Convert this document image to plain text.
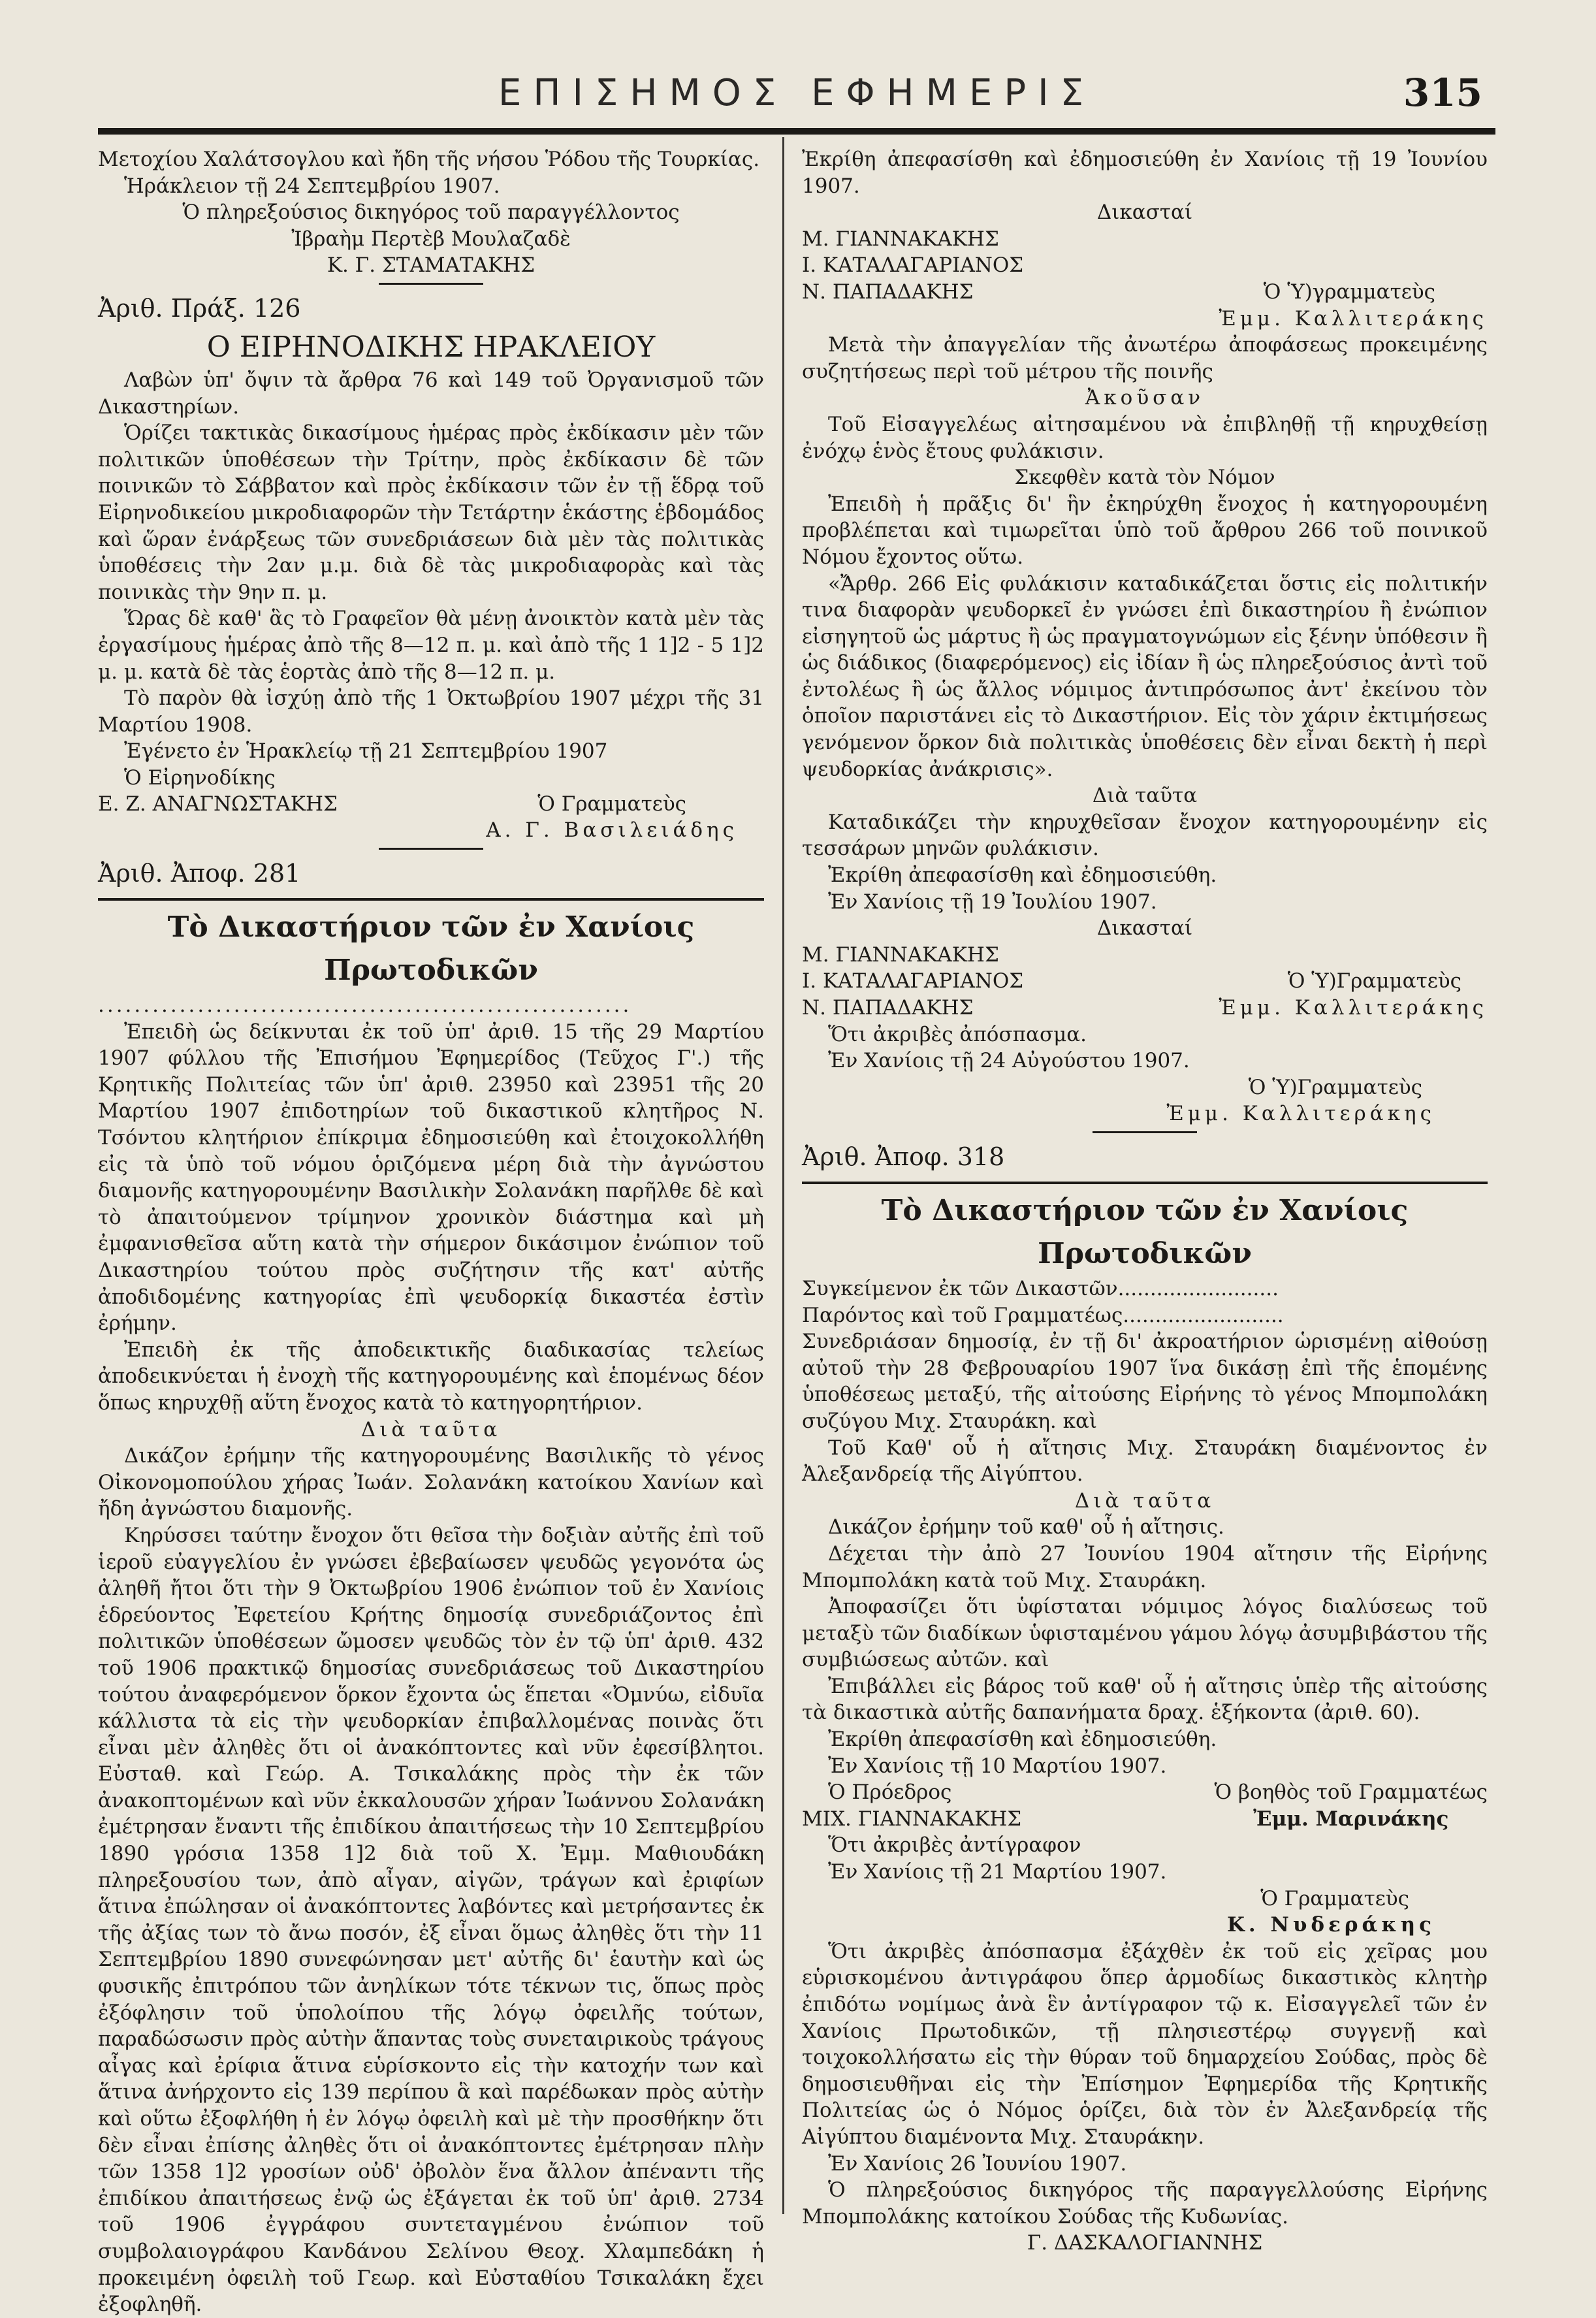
ΕΠΙΣΗΜΟΣ ΕΦΗΜΕΡΙΣ	315

Μετοχίου Χαλάτσογλου καὶ ἤδη τῆς νήσου Ῥόδου τῆς Τουρκίας.

Ἡράκλειον τῇ 24 Σεπτεμβρίου 1907.

Ὁ πληρεξούσιος δικηγόρος τοῦ παραγγέλλοντος

Ἰβραὴμ Περτὲβ Μουλαζαδὲ

Κ. Γ. ΣΤΑΜΑΤΑΚΗΣ

Ἀριθ. Πράξ. 126

Ο ΕΙΡΗΝΟΔΙΚΗΣ ΗΡΑΚΛΕΙΟΥ

Λαβὼν ὑπ' ὄψιν τὰ ἄρθρα 76 καὶ 149 τοῦ Ὀργανισμοῦ τῶν Δικαστηρίων.

Ὁρίζει τακτικὰς δικασίμους ἡμέρας πρὸς ἐκδίκασιν μὲν τῶν πολιτικῶν ὑποθέσεων τὴν Τρίτην, πρὸς ἐκδίκασιν δὲ τῶν ποινικῶν τὸ Σάββατον καὶ πρὸς ἐκδίκασιν τῶν ἐν τῇ ἕδρᾳ τοῦ Εἰρηνοδικείου μικροδιαφορῶν τὴν Τετάρτην ἑκάστης ἑβδομάδος καὶ ὥραν ἐνάρξεως τῶν συνεδριάσεων διὰ μὲν τὰς πολιτικὰς ὑποθέσεις τὴν 2αν μ.μ. διὰ δὲ τὰς μικροδιαφορὰς καὶ τὰς ποινικὰς τὴν 9ην π. μ.

Ὥρας δὲ καθ' ἃς τὸ Γραφεῖον θὰ μένῃ ἀνοικτὸν κατὰ μὲν τὰς ἐργασίμους ἡμέρας ἀπὸ τῆς 8—12 π. μ. καὶ ἀπὸ τῆς 1 1]2 - 5 1]2 μ. μ. κατὰ δὲ τὰς ἑορτὰς ἀπὸ τῆς 8—12 π. μ.

Τὸ παρὸν θὰ ἰσχύῃ ἀπὸ τῆς 1 Ὀκτωβρίου 1907 μέχρι τῆς 31 Μαρτίου 1908.

Ἐγένετο ἐν Ἡρακλείῳ τῇ 21 Σεπτεμβρίου 1907

Ὁ Εἰρηνοδίκης
Ε. Ζ. ΑΝΑΓΝΩΣΤΑΚΗΣ	Ὁ Γραμματεὺς
Α. Γ. Βασιλειάδης

Ἀριθ. Ἀποφ. 281

Τὸ Δικαστήριον τῶν ἐν Χανίοις Πρωτοδικῶν

...........................................................

Ἐπειδὴ ὡς δείκνυται ἐκ τοῦ ὑπ' ἀριθ. 15 τῆς 29 Μαρτίου 1907 φύλλου τῆς Ἐπισήμου Ἐφημερίδος (Τεῦχος Γ'.) τῆς Κρητικῆς Πολιτείας τῶν ὑπ' ἀριθ. 23950 καὶ 23951 τῆς 20 Μαρτίου 1907 ἐπιδοτηρίων τοῦ δικαστικοῦ κλητῆρος Ν. Τσόντου κλητήριον ἐπίκριμα ἐδημοσιεύθη καὶ ἐτοιχοκολλήθη εἰς τὰ ὑπὸ τοῦ νόμου ὁριζόμενα μέρη διὰ τὴν ἀγνώστου διαμονῆς κατηγορουμένην Βασιλικὴν Σολανάκη παρῆλθε δὲ καὶ τὸ ἀπαιτούμενον τρίμηνον χρονικὸν διάστημα καὶ μὴ ἐμφανισθεῖσα αὕτη κατὰ τὴν σήμερον δικάσιμον ἐνώπιον τοῦ Δικαστηρίου τούτου πρὸς συζήτησιν τῆς κατ' αὐτῆς ἀποδιδομένης κατηγορίας ἐπὶ ψευδορκίᾳ δικαστέα ἐστὶν ἐρήμην.

Ἐπειδὴ ἐκ τῆς ἀποδεικτικῆς διαδικασίας τελείως ἀποδεικνύεται ἡ ἐνοχὴ τῆς κατηγορουμένης καὶ ἑπομένως δέον ὅπως κηρυχθῇ αὕτη ἔνοχος κατὰ τὸ κατηγορητήριον.

Διὰ ταῦτα

Δικάζον ἐρήμην τῆς κατηγορουμένης Βασιλικῆς τὸ γένος Οἰκονομοπούλου χήρας Ἰωάν. Σολανάκη κατοίκου Χανίων καὶ ἤδη ἀγνώστου διαμονῆς.

Κηρύσσει ταύτην ἔνοχον ὅτι θεῖσα τὴν δοξιὰν αὐτῆς ἐπὶ τοῦ ἱεροῦ εὐαγγελίου ἐν γνώσει ἐβεβαίωσεν ψευδῶς γεγονότα ὡς ἀληθῆ ἤτοι ὅτι τὴν 9 Ὀκτωβρίου 1906 ἐνώπιον τοῦ ἐν Χανίοις ἑδρεύοντος Ἐφετείου Κρήτης δημοσίᾳ συνεδριάζοντος ἐπὶ πολιτικῶν ὑποθέσεων ὤμοσεν ψευδῶς τὸν ἐν τῷ ὑπ' ἀριθ. 432 τοῦ 1906 πρακτικῷ δημοσίας συνεδριάσεως τοῦ Δικαστηρίου τούτου ἀναφερόμενον ὅρκον ἔχοντα ὡς ἕπεται «Ὀμνύω, εἰδυῖα κάλλιστα τὰ εἰς τὴν ψευδορκίαν ἐπιβαλλομένας ποινὰς ὅτι εἶναι μὲν ἀληθὲς ὅτι οἱ ἀνακόπτοντες καὶ νῦν ἐφεσίβλητοι. Εὐσταθ. καὶ Γεώρ. Α. Τσικαλάκης πρὸς τὴν ἐκ τῶν ἀνακοπτομένων καὶ νῦν ἐκκαλουσῶν χήραν Ἰωάννου Σολανάκη ἐμέτρησαν ἔναντι τῆς ἐπιδίκου ἀπαιτήσεως τὴν 10 Σεπτεμβρίου 1890 γρόσια 1358 1]2 διὰ τοῦ Χ. Ἐμμ. Μαθιουδάκη πληρεξουσίου των, ἀπὸ αἶγαν, αἰγῶν, τράγων καὶ ἐριφίων ἅτινα ἐπώλησαν οἱ ἀνακόπτοντες λαβόντες καὶ μετρήσαντες ἐκ τῆς ἀξίας των τὸ ἄνω ποσόν, ἐξ εἶναι ὅμως ἀληθὲς ὅτι τὴν 11 Σεπτεμβρίου 1890 συνεφώνησαν μετ' αὐτῆς δι' ἑαυτὴν καὶ ὡς φυσικῆς ἐπιτρόπου τῶν ἀνηλίκων τότε τέκνων τις, ὅπως πρὸς ἐξόφλησιν τοῦ ὑπολοίπου τῆς λόγῳ ὀφειλῆς τούτων, παραδώσωσιν πρὸς αὐτὴν ἅπαντας τοὺς συνεταιρικοὺς τράγους αἶγας καὶ ἐρίφια ἅτινα εὑρίσκοντο εἰς τὴν κατοχήν των καὶ ἅτινα ἀνήρχοντο εἰς 139 περίπου ἃ καὶ παρέδωκαν πρὸς αὐτὴν καὶ οὕτω ἐξοφλήθη ἡ ἐν λόγῳ ὀφειλὴ καὶ μὲ τὴν προσθήκην ὅτι δὲν εἶναι ἐπίσης ἀληθὲς ὅτι οἱ ἀνακόπτοντες ἐμέτρησαν πλὴν τῶν 1358 1]2 γροσίων οὐδ' ὀβολὸν ἕνα ἄλλον ἀπέναντι τῆς ἐπιδίκου ἀπαιτήσεως ἐνῷ ὡς ἐξάγεται ἐκ τοῦ ὑπ' ἀριθ. 2734 τοῦ 1906 ἐγγράφου συντεταγμένου ἐνώπιον τοῦ συμβολαιογράφου Κανδάνου Σελίνου Θεοχ. Χλαμπεδάκη ἡ προκειμένη ὀφειλὴ τοῦ Γεωρ. καὶ Εὐσταθίου Τσικαλάκη ἔχει ἐξοφληθῆ.

Ἐκρίθη ἀπεφασίσθη καὶ ἐδημοσιεύθη ἐν Χανίοις τῇ 19 Ἰουνίου 1907.

Δικασταί

Μ. ΓΙΑΝΝΑΚΑΚΗΣ

Ι. ΚΑΤΑΛΑΓΑΡΙΑΝΟΣ

Ν. ΠΑΠΑΔΑΚΗΣ	Ὁ Ὑ)γραμματεὺς

Ἐμμ. Καλλιτεράκης

Μετὰ τὴν ἀπαγγελίαν τῆς ἀνωτέρω ἀποφάσεως προκειμένης συζητήσεως περὶ τοῦ μέτρου τῆς ποινῆς

Ἀκοῦσαν

Τοῦ Εἰσαγγελέως αἰτησαμένου νὰ ἐπιβληθῇ τῇ κηρυχθείσῃ ἐνόχῳ ἑνὸς ἔτους φυλάκισιν.

Σκεφθὲν κατὰ τὸν Νόμον

Ἐπειδὴ ἡ πρᾶξις δι' ἣν ἐκηρύχθη ἔνοχος ἡ κατηγορουμένη προβλέπεται καὶ τιμωρεῖται ὑπὸ τοῦ ἄρθρου 266 τοῦ ποινικοῦ Νόμου ἔχοντος οὕτω.

«Ἄρθρ. 266 Εἰς φυλάκισιν καταδικάζεται ὅστις εἰς πολιτικήν τινα διαφορὰν ψευδορκεῖ ἐν γνώσει ἐπὶ δικαστηρίου ἢ ἐνώπιον εἰσηγητοῦ ὡς μάρτυς ἢ ὡς πραγματογνώμων εἰς ξένην ὑπόθεσιν ἢ ὡς διάδικος (διαφερόμενος) εἰς ἰδίαν ἢ ὡς πληρεξούσιος ἀντὶ τοῦ ἐντολέως ἢ ὡς ἄλλος νόμιμος ἀντιπρόσωπος ἀντ' ἐκείνου τὸν ὁποῖον παριστάνει εἰς τὸ Δικαστήριον. Εἰς τὸν χάριν ἐκτιμήσεως γενόμενον ὅρκον διὰ πολιτικὰς ὑποθέσεις δὲν εἶναι δεκτὴ ἡ περὶ ψευδορκίας ἀνάκρισις».

Διὰ ταῦτα

Καταδικάζει τὴν κηρυχθεῖσαν ἔνοχον κατηγορουμένην εἰς τεσσάρων μηνῶν φυλάκισιν.

Ἐκρίθη ἀπεφασίσθη καὶ ἐδημοσιεύθη.

Ἐν Χανίοις τῇ 19 Ἰουλίου 1907.

Δικασταί

Μ. ΓΙΑΝΝΑΚΑΚΗΣ

Ι. ΚΑΤΑΛΑΓΑΡΙΑΝΟΣ	Ὁ Ὑ)Γραμματεὺς
Ν. ΠΑΠΑΔΑΚΗΣ	Ἐμμ. Καλλιτεράκης

Ὅτι ἀκριβὲς ἀπόσπασμα.

Ἐν Χανίοις τῇ 24 Αὐγούστου 1907.

Ὁ Ὑ)Γραμματεὺς

Ἐμμ. Καλλιτεράκης

Ἀριθ. Ἀποφ. 318

Τὸ Δικαστήριον τῶν ἐν Χανίοις Πρωτοδικῶν

Συγκείμενον ἐκ τῶν Δικαστῶν.........................

Παρόντος καὶ τοῦ Γραμματέως.........................

Συνεδριάσαν δημοσίᾳ, ἐν τῇ δι' ἀκροατήριον ὡρισμένῃ αἰθούσῃ αὐτοῦ τὴν 28 Φεβρουαρίου 1907 ἵνα δικάσῃ ἐπὶ τῆς ἑπομένης ὑποθέσεως μεταξύ, τῆς αἰτούσης Εἰρήνης τὸ γένος Μπομπολάκη συζύγου Μιχ. Σταυράκη. καὶ

Τοῦ Καθ' οὗ ἡ αἴτησις Μιχ. Σταυράκη διαμένοντος ἐν Ἀλεξανδρείᾳ τῆς Αἰγύπτου.

Διὰ ταῦτα

Δικάζον ἐρήμην τοῦ καθ' οὗ ἡ αἴτησις.

Δέχεται τὴν ἀπὸ 27 Ἰουνίου 1904 αἴτησιν τῆς Εἰρήνης Μπομπολάκη κατὰ τοῦ Μιχ. Σταυράκη.

Ἀποφασίζει ὅτι ὑφίσταται νόμιμος λόγος διαλύσεως τοῦ μεταξὺ τῶν διαδίκων ὑφισταμένου γάμου λόγῳ ἀσυμβιβάστου τῆς συμβιώσεως αὐτῶν. καὶ

Ἐπιβάλλει εἰς βάρος τοῦ καθ' οὗ ἡ αἴτησις ὑπὲρ τῆς αἰτούσης τὰ δικαστικὰ αὐτῆς δαπανήματα δραχ. ἑξήκοντα (ἀριθ. 60).

Ἐκρίθη ἀπεφασίσθη καὶ ἐδημοσιεύθη.

Ἐν Χανίοις τῇ 10 Μαρτίου 1907.

Ὁ Πρόεδρος
ΜΙΧ. ΓΙΑΝΝΑΚΑΚΗΣ
Ὁ βοηθὸς τοῦ Γραμματέως
Ἐμμ. Μαρινάκης

Ὅτι ἀκριβὲς ἀντίγραφον

Ἐν Χανίοις τῇ 21 Μαρτίου 1907.

Ὁ Γραμματεὺς

Κ. Νυδεράκης

Ὅτι ἀκριβὲς ἀπόσπασμα ἐξάχθὲν ἐκ τοῦ εἰς χεῖρας μου εὑρισκομένου ἀντιγράφου ὅπερ ἁρμοδίως δικαστικὸς κλητὴρ ἐπιδότω νομίμως ἀνὰ ἓν ἀντίγραφον τῷ κ. Εἰσαγγελεῖ τῶν ἐν Χανίοις Πρωτοδικῶν, τῇ πλησιεστέρῳ συγγενῇ καὶ τοιχοκολλήσατω εἰς τὴν θύραν τοῦ δημαρχείου Σούδας, πρὸς δὲ δημοσιευθῆναι εἰς τὴν Ἐπίσημον Ἐφημερίδα τῆς Κρητικῆς Πολιτείας ὡς ὁ Νόμος ὁρίζει, διὰ τὸν ἐν Ἀλεξανδρείᾳ τῆς Αἰγύπτου διαμένοντα Μιχ. Σταυράκην.

Ἐν Χανίοις 26 Ἰουνίου 1907.

Ὁ πληρεξούσιος δικηγόρος τῆς παραγγελλούσης Εἰρήνης Μπομπολάκης κατοίκου Σούδας τῆς Κυδωνίας.

Γ. ΔΑΣΚΑΛΟΓΙΑΝΝΗΣ
